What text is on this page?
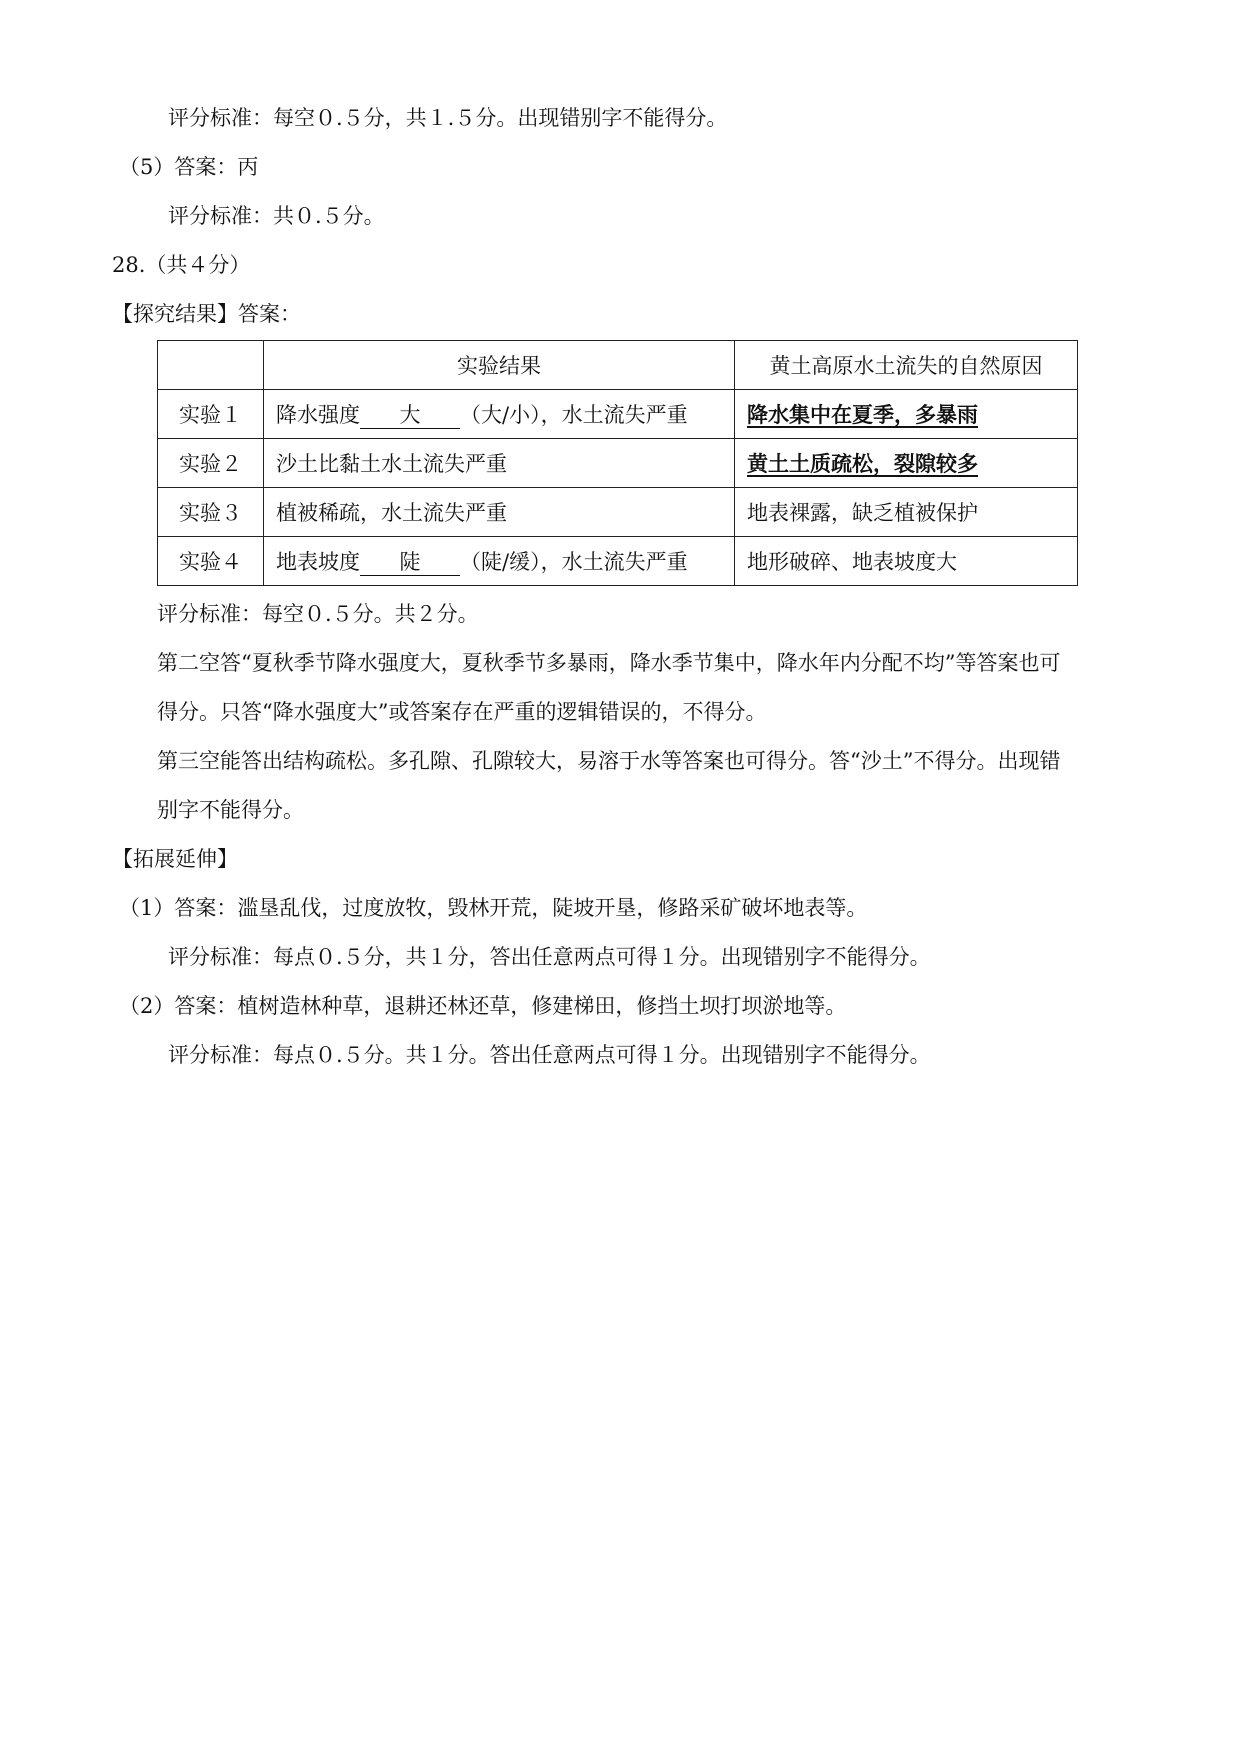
评分标准：每空０.５分，共１.５分。出现错别字不能得分。
（5）答案：丙
评分标准：共０.５分。
28.（共４分）
【探究结果】答案：
	实验结果	黄土高原水土流失的自然原因
实验１	降水强度 大 （大/小），水土流失严重	降水集中在夏季，多暴雨
实验２	沙土比黏土水土流失严重	黄土土质疏松，裂隙较多
实验３	植被稀疏，水土流失严重	地表裸露，缺乏植被保护
实验４	地表坡度 陡 （陡/缓），水土流失严重	地形破碎、地表坡度大
评分标准：每空０.５分。共２分。
第二空答“夏秋季节降水强度大，夏秋季节多暴雨，降水季节集中，降水年内分配不均”等答案也可
得分。只答“降水强度大”或答案存在严重的逻辑错误的，不得分。
第三空能答出结构疏松。多孔隙、孔隙较大，易溶于水等答案也可得分。答“沙土”不得分。出现错
别字不能得分。
【拓展延伸】
（1）答案：滥垦乱伐，过度放牧，毁林开荒，陡坡开垦，修路采矿破坏地表等。
评分标准：每点０.５分，共１分，答出任意两点可得１分。出现错别字不能得分。
（2）答案：植树造林种草，退耕还林还草，修建梯田，修挡土坝打坝淤地等。
评分标准：每点０.５分。共１分。答出任意两点可得１分。出现错别字不能得分。
